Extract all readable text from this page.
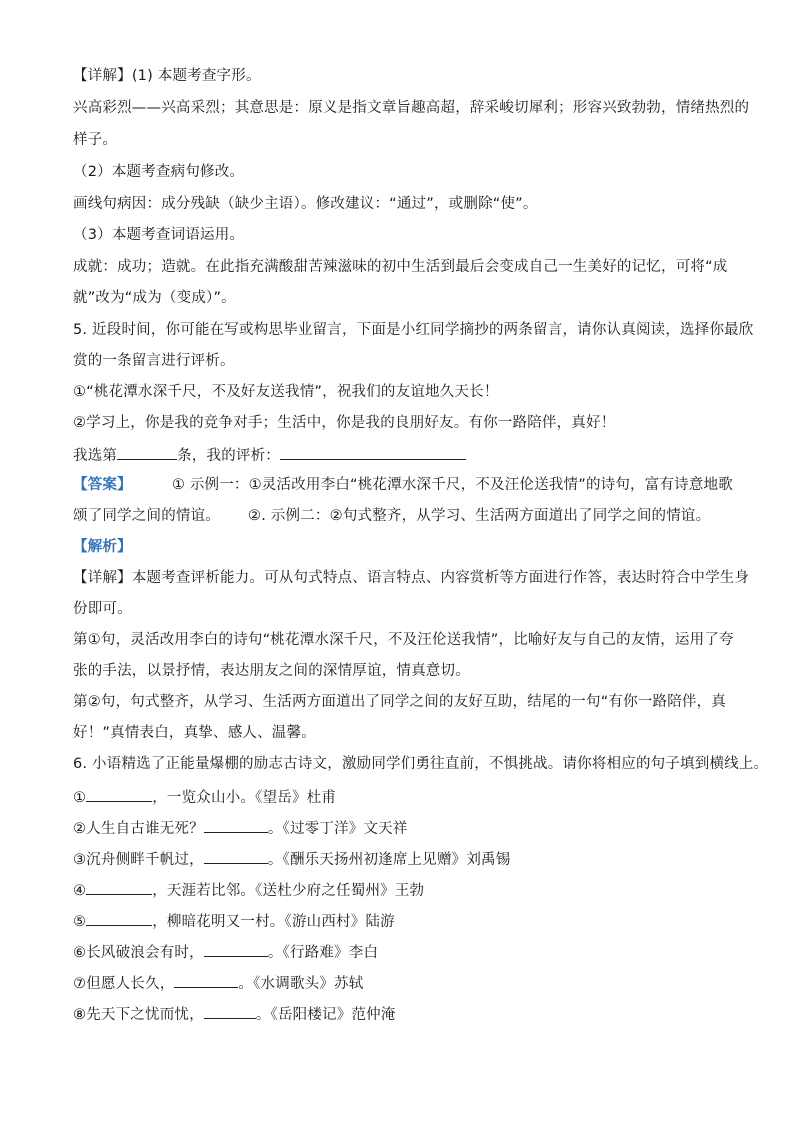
【详解】(1) 本题考查字形。
兴高彩烈——兴高采烈；其意思是：原义是指文章旨趣高超，辞采峻切犀利；形容兴致勃勃，情绪热烈的
样子。
（2）本题考查病句修改。
画线句病因：成分残缺（缺少主语）。修改建议：“通过”，或删除“使”。
（3）本题考查词语运用。
成就：成功；造就。在此指充满酸甜苦辣滋味的初中生活到最后会变成自己一生美好的记忆，可将“成
就”改为“成为（变成）”。
5. 近段时间，你可能在写或构思毕业留言，下面是小红同学摘抄的两条留言，请你认真阅读，选择你最欣
赏的一条留言进行评析。
①“桃花潭水深千尺，不及好友送我情”，祝我们的友谊地久天长！
②学习上，你是我的竞争对手；生活中，你是我的良朋好友。有你一路陪伴，真好！
我选第	条，我的评析：
【答案】	① 示例一：①灵活改用李白“桃花潭水深千尺，不及汪伦送我情”的诗句，富有诗意地歌
颂了同学之间的情谊。 ②. 示例二：②句式整齐，从学习、生活两方面道出了同学之间的情谊。
【解析】
【详解】本题考查评析能力。可从句式特点、语言特点、内容赏析等方面进行作答，表达时符合中学生身
份即可。
第①句，灵活改用李白的诗句“桃花潭水深千尺，不及汪伦送我情”，比喻好友与自己的友情，运用了夸
张的手法，以景抒情，表达朋友之间的深情厚谊，情真意切。
第②句，句式整齐，从学习、生活两方面道出了同学之间的友好互助，结尾的一句“有你一路陪伴，真
好！”真情表白，真挚、感人、温馨。
6. 小语精选了正能量爆棚的励志古诗文，激励同学们勇往直前，不惧挑战。请你将相应的句子填到横线上。
①	，一览众山小。《望岳》杜甫
②人生自古谁无死？	。《过零丁洋》文天祥
③沉舟侧畔千帆过，	。《酬乐天扬州初逢席上见赠》刘禹锡
④	，天涯若比邻。《送杜少府之任蜀州》王勃
⑤	，柳暗花明又一村。《游山西村》陆游
⑥长风破浪会有时，	。《行路难》李白
⑦但愿人长久，	。《水调歌头》苏轼
⑧先天下之忧而忧，	。《岳阳楼记》范仲淹
